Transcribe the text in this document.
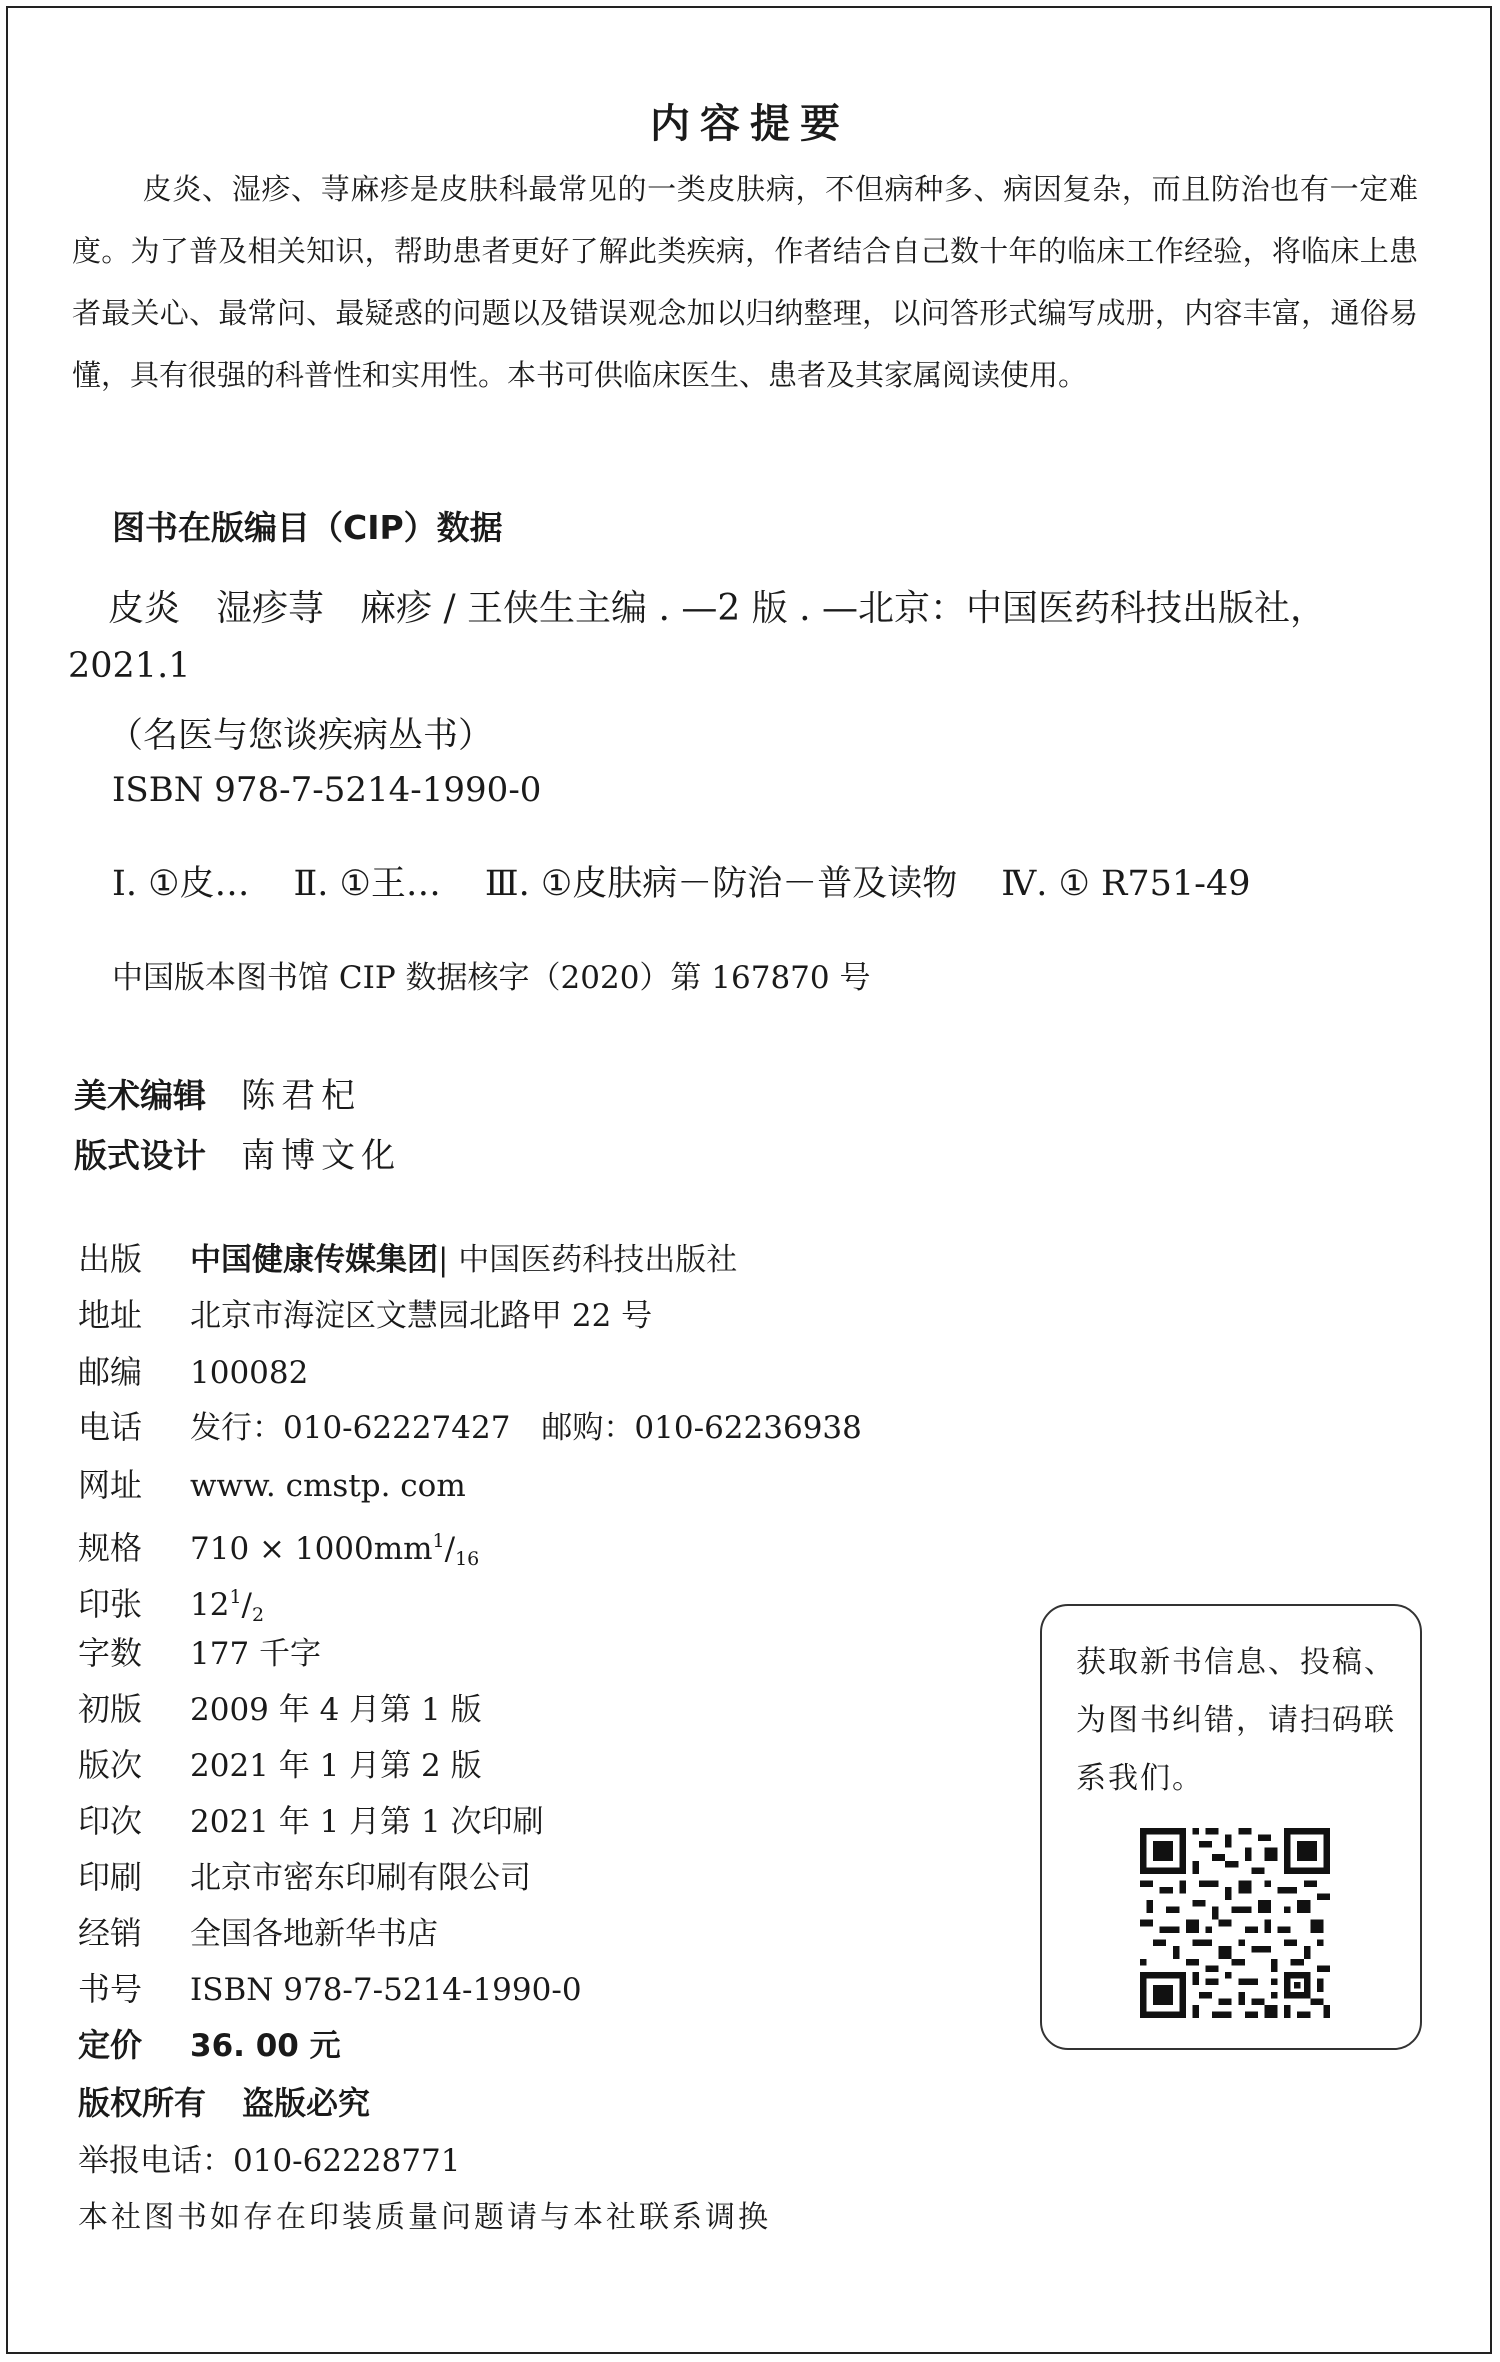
内容提要
皮炎、湿疹、荨麻疹是皮肤科最常见的一类皮肤病，不但病种多、病因复杂，而且防治也有一定难度。为了普及相关知识，帮助患者更好了解此类疾病，作者结合自己数十年的临床工作经验，将临床上患者最关心、最常问、最疑惑的问题以及错误观念加以归纳整理，以问答形式编写成册，内容丰富，通俗易懂，具有很强的科普性和实用性。本书可供临床医生、患者及其家属阅读使用。
图书在版编目（CIP）数据
皮炎　湿疹荨　麻疹 / 王侠生主编 . —2 版 . —北京：中国医药科技出版社，
2021.1
（名医与您谈疾病丛书）
ISBN 978-7-5214-1990-0
Ⅰ. ①皮… Ⅱ. ①王… Ⅲ. ①皮肤病－防治－普及读物 Ⅳ. ① R751-49
中国版本图书馆 CIP 数据核字（2020）第 167870 号
美术编辑 陈君杞
版式设计 南博文化
出版 中国健康传媒集团| 中国医药科技出版社
地址 北京市海淀区文慧园北路甲 22 号
邮编 100082
电话 发行：010-62227427　邮购：010-62236938
网址 www. cmstp. com
规格 $710 \times 1000mm^1/_{16}$
印张 $12^1/_2$
字数 177 千字
初版 2009 年 4 月第 1 版
版次 2021 年 1 月第 2 版
印次 2021 年 1 月第 1 次印刷
印刷 北京市密东印刷有限公司
经销 全国各地新华书店
书号 ISBN 978-7-5214-1990-0
定价 36. 00 元
版权所有 盗版必究
举报电话：010-62228771
本社图书如存在印装质量问题请与本社联系调换
获取新书信息、投稿、为图书纠错，请扫码联系我们。
